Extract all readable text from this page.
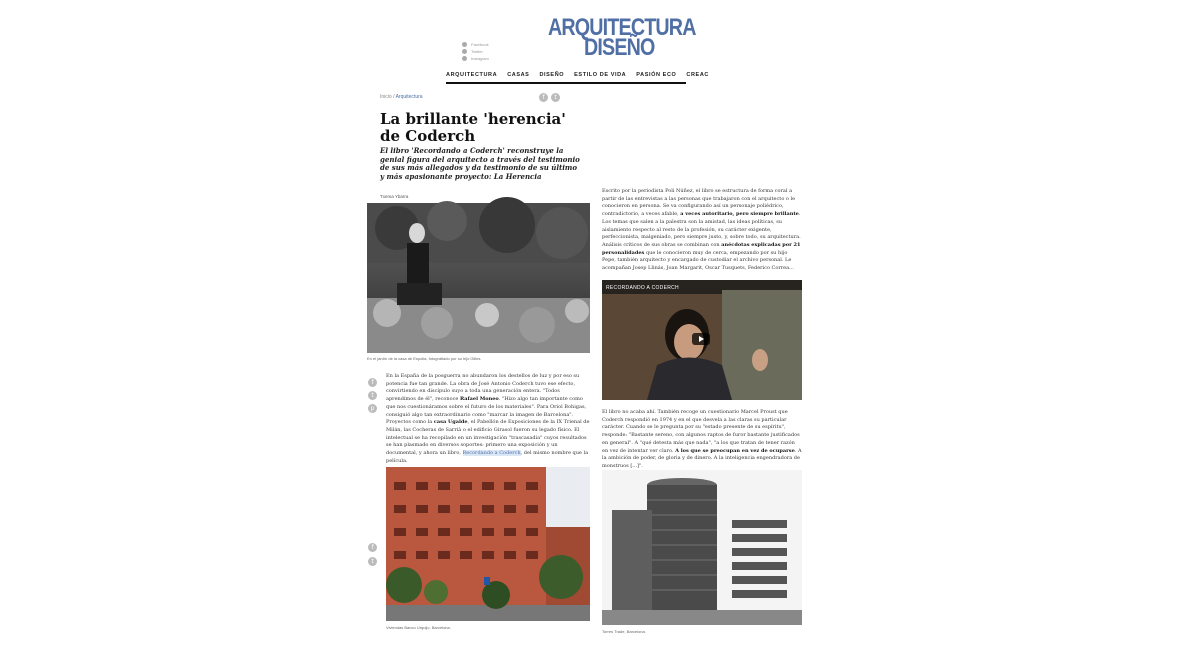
ARQUITECTURA
DISEÑO
Facebook
Twitter
Instagram
ARQUITECTURA CASAS DISEÑO ESTILO DE VIDA PASIÓN ECO CREAC
Inicio / Arquitectura	f	t
La brillante 'herencia' de Coderch
El libro 'Recordando a Coderch' reconstruye la genial figura del arquitecto a través del testimonio de sus más allegados y da testimonio de su último y más apasionante proyecto: La Herencia
Txema Ybarra
En el jardín de la casa de Espolla, fotografiado por su hijo Gilles.
f
t
p
f
t
En la España de la posguerra no abundaron los destellos de luz y por eso su potencia fue tan grande. La obra de José Antonio Coderch tuvo ese efecto, convirtiendo en discípulo suyo a toda una generación entera. "Todos aprendimos de él", reconoce Rafael Moneo. "Hizo algo tan importante como que nos cuestionáramos sobre el futuro de los materiales". Para Oriol Bohigas, consiguió algo tan extraordinario como "marcar la imagen de Barcelona". Proyectos como la casa Ugalde, el Pabellón de Exposiciones de la IX Trienal de Milán, las Cocheras de Sarrià o el edificio Girasol fueron su legado físico. El intelectual se ha recopilado en un investigación "trascasadia" cuyos resultados se han plasmado en diversos soportes: primero una exposición y un documental, y ahora un libro, Recordando a Coderch, del mismo nombre que la película.
Viviendas Banco Urquijo, Barcelona.
Escrito por la periodista Poli Núñez, el libro se estructura de forma coral a partir de las entrevistas a las personas que trabajaron con el arquitecto o le conocieron en persona. Se va configurando así un personaje poliédrico, contradictorio, a veces afable, a veces autoritario, pero siempre brillante. Los temas que salen a la palestra son la amistad, las ideas políticas, su aislamiento respecto al resto de la profesión, su carácter exigente, perfeccionista, malgeniado, pero siempre justo, y, sobre todo, su arquitectura. Análisis críticos de sus obras se combinan con anécdotas explicadas por 21 personalidades que le conocieron muy de cerca, empezando por su hijo Pepe, también arquitecto y encargado de custodiar el archivo personal. Le acompañan Josep Llinás, Joan Margarit, Oscar Tusquets, Federico Correa...
RECORDANDO A CODERCH
El libro no acaba ahí. También recoge un cuestionario Marcel Proust que Coderch respondió en 1974 y en el que desvela a las claras su particular carácter. Cuando se le pregunta por su "estado presente de su espíritu", responde: "Bastante sereno, con algunos raptos de furor bastante justificados en general". A "qué detesta más que nada", "a los que tratan de tener razón en vez de intentar ver claro. A los que se preocupan en vez de ocuparse. A la ambición de poder, de gloria y de dinero. A la inteligencia engendradora de monstruos [...]".
Torres Trade, Barcelona.
